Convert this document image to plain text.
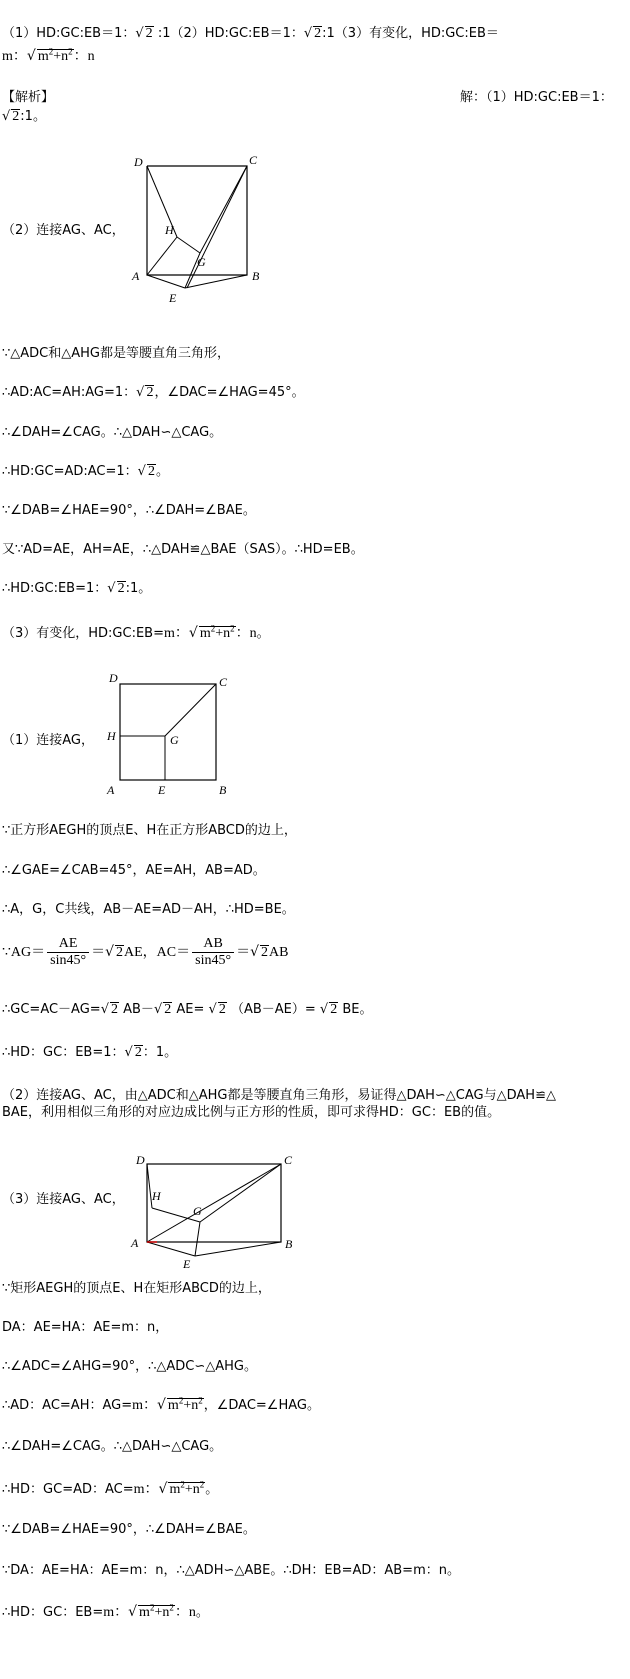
（1）HD:GC:EB＝1：√ 2 :1（2）HD:GC:EB＝1：√ 2:1（3）有变化，HD:GC:EB＝
m：√ $m^2+n^2$：n
【解析】	解：（1）HD:GC:EB＝1：
√ 2:1。
D	C
H
G
A	B
E
（2）连接AG、AC，
∵△ADC和△AHG都是等腰直角三角形，
∴AD:AC=AH:AG=1：√ 2，∠DAC=∠HAG=45°。
∴∠DAH=∠CAG。∴△DAH∽△CAG。
∴HD:GC=AD:AC=1：√ 2。
∵∠DAB=∠HAE=90°，∴∠DAH=∠BAE。
又∵AD=AE，AH=AE，∴△DAH≌△BAE（SAS）。∴HD=EB。
∴HD:GC:EB=1：√ 2:1。
（3）有变化，HD:GC:EB=m：√ $m^2+n^2$：n。
D	C
H	G
A	E	B
（1）连接AG，
∵正方形AEGH的顶点E、H在正方形ABCD的边上，
∴∠GAE=∠CAB=45°，AE=AH，AB=AD。
∴A，G，C共线，AB－AE=AD－AH，∴HD=BE。
∵AG＝ $\frac{AE}{\sin 45^\circ}$ ＝√ 2AE，$AC= \frac{AB}{\sin 45^\circ}$ ＝√ 2AB
∴GC=AC－AG=√ 2 AB－√ 2 AE= √ 2 （AB－AE）= √ 2 BE。
∴HD：GC：EB=1：√ 2：1。
（2）连接AG、AC，由△ADC和△AHG都是等腰直角三角形，易证得△DAH∽△CAG与△DAH≌△
BAE，利用相似三角形的对应边成比例与正方形的性质，即可求得HD：GC：EB的值。
D	C
H
G
A	B
E
（3）连接AG、AC，
∵矩形AEGH的顶点E、H在矩形ABCD的边上，
DA：AE=HA：AE=m：n，
∴∠ADC=∠AHG=90°，∴△ADC∽△AHG。
∴AD：AC=AH：AG=m：√ $m^2+n^2$，∠DAC=∠HAG。
∴∠DAH=∠CAG。∴△DAH∽△CAG。
∴HD：GC=AD：AC=m：√ $m^2+n^2$。
∵∠DAB=∠HAE=90°，∴∠DAH=∠BAE。
∵DA：AE=HA：AE=m：n，∴△ADH∽△ABE。∴DH：EB=AD：AB=m：n。
∴HD：GC：EB=m：√ $m^2+n^2$：n。
